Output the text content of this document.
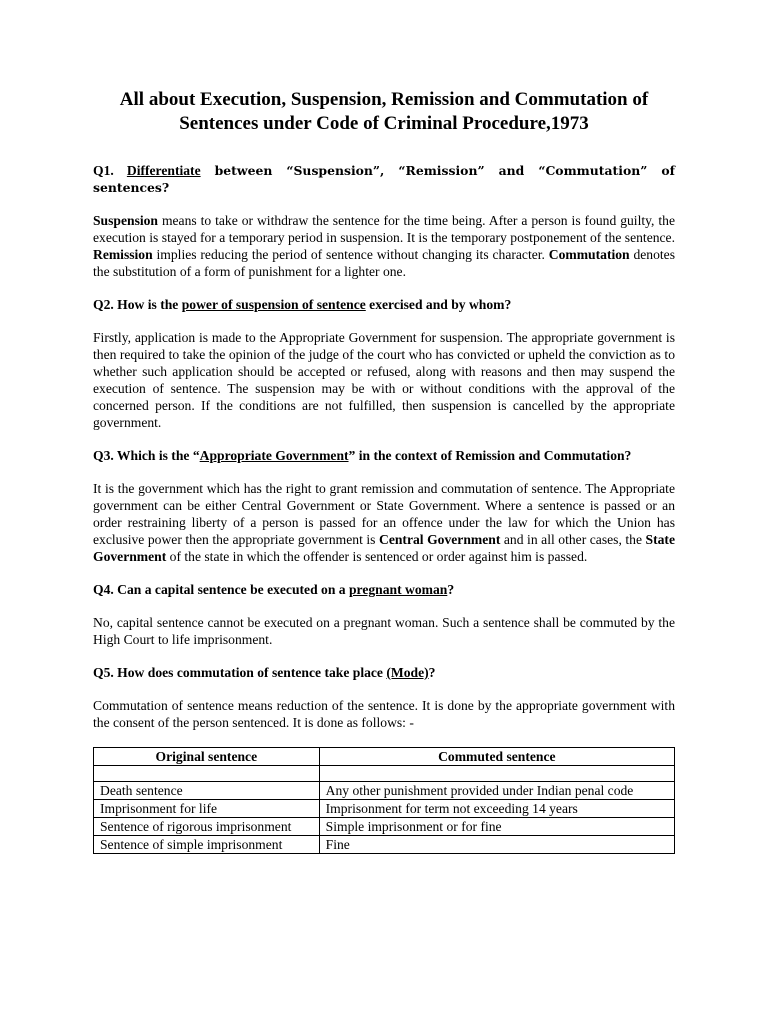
All about Execution, Suspension, Remission and Commutation of Sentences under Code of Criminal Procedure,1973
Q1. Differentiate between “Suspension”, “Remission” and “Commutation” of sentences?
Suspension means to take or withdraw the sentence for the time being. After a person is found guilty, the execution is stayed for a temporary period in suspension. It is the temporary postponement of the sentence. Remission implies reducing the period of sentence without changing its character. Commutation denotes the substitution of a form of punishment for a lighter one.
Q2. How is the power of suspension of sentence exercised and by whom?
Firstly, application is made to the Appropriate Government for suspension. The appropriate government is then required to take the opinion of the judge of the court who has convicted or upheld the conviction as to whether such application should be accepted or refused, along with reasons and then may suspend the execution of sentence. The suspension may be with or without conditions with the approval of the concerned person. If the conditions are not fulfilled, then suspension is cancelled by the appropriate government.
Q3. Which is the “Appropriate Government” in the context of Remission and Commutation?
It is the government which has the right to grant remission and commutation of sentence. The Appropriate government can be either Central Government or State Government. Where a sentence is passed or an order restraining liberty of a person is passed for an offence under the law for which the Union has exclusive power then the appropriate government is Central Government and in all other cases, the State Government of the state in which the offender is sentenced or order against him is passed.
Q4. Can a capital sentence be executed on a pregnant woman?
No, capital sentence cannot be executed on a pregnant woman. Such a sentence shall be commuted by the High Court to life imprisonment.
Q5. How does commutation of sentence take place (Mode)?
Commutation of sentence means reduction of the sentence. It is done by the appropriate government with the consent of the person sentenced. It is done as follows: -
Original sentence	Commuted sentence

Death sentence	Any other punishment provided under Indian penal code
Imprisonment for life	Imprisonment for term not exceeding 14 years
Sentence of rigorous imprisonment	Simple imprisonment or for fine
Sentence of simple imprisonment	Fine
